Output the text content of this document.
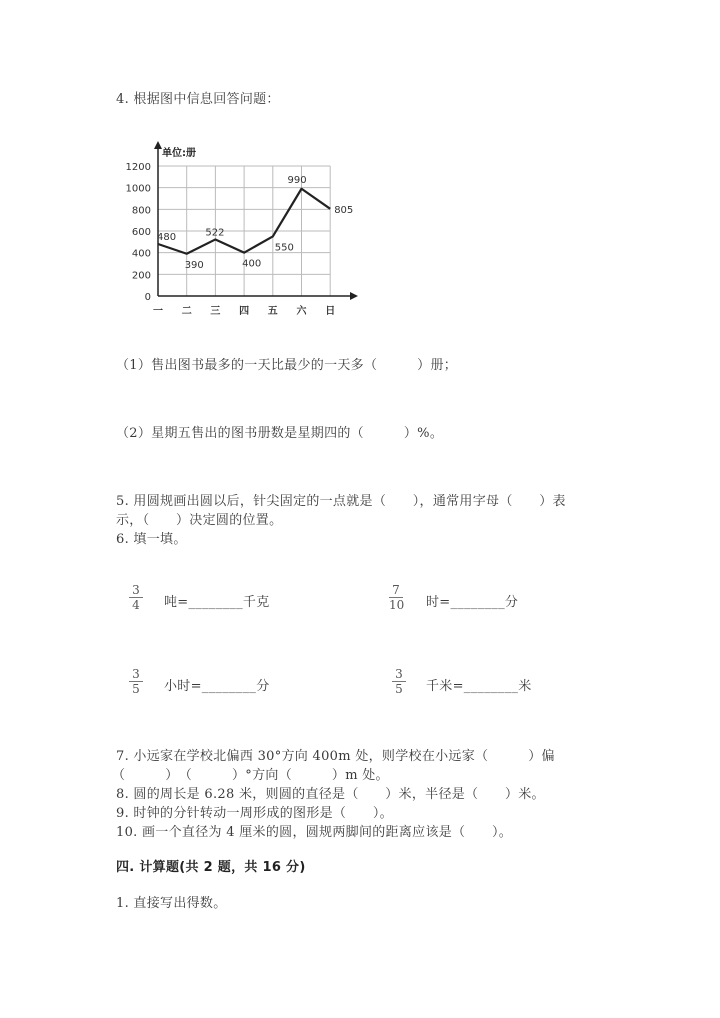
4. 根据图中信息回答问题：
单位:册
0
200
400
600
800
1000
1200
一 二 三 四 五 六 日
480
390
522
400
550
990
805
（1）售出图书最多的一天比最少的一天多（　　　）册；
（2）星期五售出的图书册数是星期四的（　　　）%。
5. 用圆规画出圆以后，针尖固定的一点就是（　　），通常用字母（　　）表
示，（　　）决定圆的位置。
6. 填一填。
$\frac{3}{4}$ 吨=________千克	$\frac{7}{10}$ 时=________分
$\frac{3}{5}$ 小时=________分	$\frac{3}{5}$ 千米=________米
7. 小远家在学校北偏西 30°方向 400m 处，则学校在小远家（　　　）偏
（　　　）　（　　　）°方向（　　　）m 处。
8. 圆的周长是 6.28 米，则圆的直径是（　　）米，半径是（　　）米。
9. 时钟的分针转动一周形成的图形是（　　）。
10. 画一个直径为 4 厘米的圆，圆规两脚间的距离应该是（　　）。
四. 计算题(共 2 题，共 16 分)
1. 直接写出得数。
